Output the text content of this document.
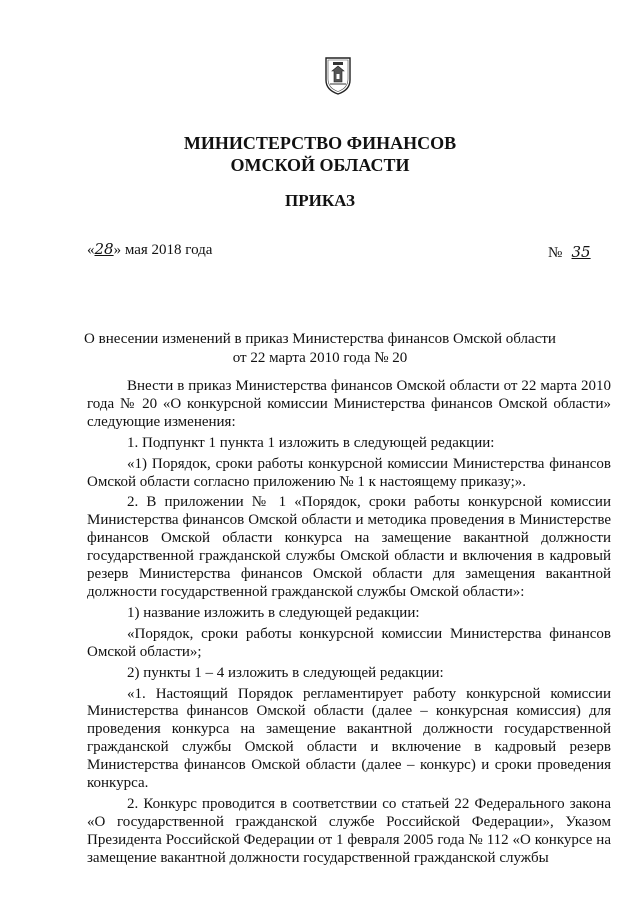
МИНИСТЕРСТВО ФИНАНСОВ
ОМСКОЙ ОБЛАСТИ
ПРИКАЗ
«28» мая 2018 года	№ 35
О внесении изменений в приказ Министерства финансов Омской области
от 22 марта 2010 года № 20

Внести в приказ Министерства финансов Омской области от 22 марта 2010 года № 20 «О конкурсной комиссии Министерства финансов Омской области» следующие изменения:

1. Подпункт 1 пункта 1 изложить в следующей редакции:

«1) Порядок, сроки работы конкурсной комиссии Министерства финансов Омской области согласно приложению № 1 к настоящему приказу;».

2. В приложении № 1 «Порядок, сроки работы конкурсной комиссии Министерства финансов Омской области и методика проведения в Министерстве финансов Омской области конкурса на замещение вакантной должности государственной гражданской службы Омской области и включения в кадровый резерв Министерства финансов Омской области для замещения вакантной должности государственной гражданской службы Омской области»:

1) название изложить в следующей редакции:

«Порядок, сроки работы конкурсной комиссии Министерства финансов Омской области»;

2) пункты 1 – 4 изложить в следующей редакции:

«1. Настоящий Порядок регламентирует работу конкурсной комиссии Министерства финансов Омской области (далее – конкурсная комиссия) для проведения конкурса на замещение вакантной должности государственной гражданской службы Омской области и включение в кадровый резерв Министерства финансов Омской области (далее – конкурс) и сроки проведения конкурса.

2. Конкурс проводится в соответствии со статьей 22 Федерального закона «О государственной гражданской службе Российской Федерации», Указом Президента Российской Федерации от 1 февраля 2005 года № 112 «О конкурсе на замещение вакантной должности государственной гражданской службы
